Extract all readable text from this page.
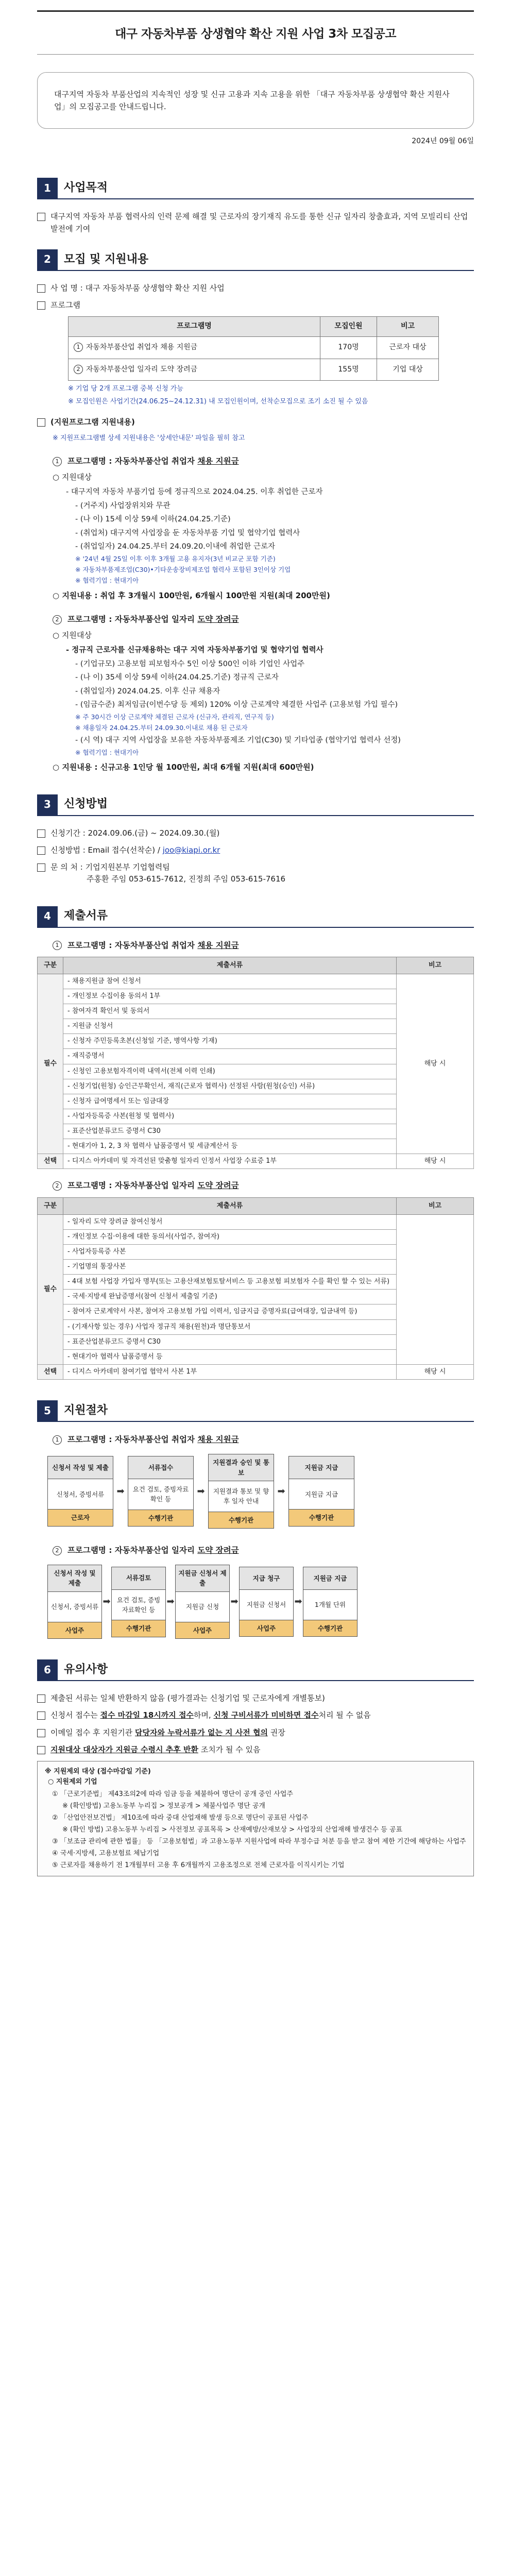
대구 자동차부품 상생협약 확산 지원 사업 3차 모집공고
대구지역 자동차 부품산업의 지속적인 성장 및 신규 고용과 지속 고용을 위한 「대구 자동차부품 상생협약 확산 지원사업」의 모집공고를 안내드립니다.
2024년 09월 06일
1	사업목적
대구지역 자동차 부품 협력사의 인력 문제 해결 및 근로자의 장기재직 유도를 통한 신규 일자리 창출효과, 지역 모빌리티 산업 발전에 기여
2	모집 및 지원내용
사 업 명 : 대구 자동차부품 상생협약 확산 지원 사업
프로그램
프로그램명	모집인원	비고
1 자동차부품산업 취업자 채용 지원금	170명	근로자 대상
2 자동차부품산업 일자리 도약 장려금	155명	기업 대상
※ 기업 당 2개 프로그램 중복 신청 가능
※ 모집인원은 사업기간(24.06.25~24.12.31) 내 모집인원이며, 선착순모집으로 조기 소진 될 수 있음
(지원프로그램 지원내용)
※ 지원프로그램별 상세 지원내용은 '상세안내문' 파일을 필히 참고
1 프로그램명 : 자동차부품산업 취업자 채용 지원금
○ 지원대상
- 대구지역 자동차 부품기업 등에 정규직으로 2024.04.25. 이후 취업한 근로자
- (거주지) 사업장위치와 무관
- (나 이) 15세 이상 59세 이하(24.04.25.기준)
- (취업처) 대구지역 사업장을 둔 자동차부품 기업 및 협약기업 협력사
- (취업일자) 24.04.25.부터 24.09.20.이내에 취업한 근로자
※ '24년 4월 25일 이후 이후 3개월 고용 유지자(3년 비교군 포함 기준)
※ 자동차부품제조업(C30)•기타운송장비제조업 협력사 포함된 3인이상 기업
※ 협력기업 : 현대기아
○ 지원내용 : 취업 후 3개월시 100만원, 6개월시 100만원 지원(최대 200만원)
2 프로그램명 : 자동차부품산업 일자리 도약 장려금
○ 지원대상
- 정규직 근로자를 신규채용하는 대구 지역 자동차부품기업 및 협약기업 협력사
- (기업규모) 고용보험 피보험자수 5인 이상 500인 이하 기업인 사업주
- (나 이) 35세 이상 59세 이하(24.04.25.기준) 정규직 근로자
- (취업일자) 2024.04.25. 이후 신규 채용자
- (임금수준) 최저임금(이번수당 등 제외) 120% 이상 근로계약 체결한 사업주 (고용보험 가입 필수)
※ 주 30시간 이상 근로계약 체결된 근로자 (신규자, 관리직, 연구직 등)
※ 채용일자 24.04.25.부터 24.09.30.이내로 채용 된 근로자
- (시 역) 대구 지역 사업장을 보유한 자동차부품제조 기업(C30) 및 기타업종 (협약기업 협력사 선정)
※ 협력기업 : 현대기아
○ 지원내용 : 신규고용 1인당 월 100만원, 최대 6개월 지원(최대 600만원)
3	신청방법
신청기간 : 2024.09.06.(금) ~ 2024.09.30.(월)
신청방법 : Email 접수(선착순) / joo@kiapi.or.kr
문 의 처 : 기업지원본부 기업협력팀
주홍환 주임 053-615-7612, 진정희 주임 053-615-7616
4	제출서류
1 프로그램명 : 자동차부품산업 취업자 채용 지원금
구분	제출서류	비고
필수	- 채용지원금 참여 신청서	해당 시
	- 개인정보 수집이용 동의서 1부	
	- 참여자격 확인서 및 동의서	
	- 지원금 신청서	
	- 신청자 주민등록초본(신청일 기준, 병역사항 기재)	
	- 재직증명서	
	- 신청인 고용보험자격이력 내역서(전체 이력 인쇄)	
	- 신청기업(원청) 승인근무확인서, 재직(근로자 협력사) 선정된 사람(원청(승인) 서류)	
	- 신청자 급여명세서 또는 임금대장	
	- 사업자등록증 사본(원청 및 협력사)	
	- 표준산업분류코드 증명서 C30	
	- 현대기아 1, 2, 3 차 협력사 납품증명서 및 세금계산서 등	
선택	- 디지스 아카데미 및 자격선된 맞춤형 일자리 인정서 사업장 수료증 1부	해당 시
2 프로그램명 : 자동차부품산업 일자리 도약 장려금
구분	제출서류	비고
필수	- 일자리 도약 장려금 참여신청서	
	- 개인정보 수집·이용에 대한 동의서(사업주, 참여자)	
	- 사업자등록증 사본	
	- 기업명의 통장사본	
	- 4대 보험 사업장 가입자 명부(또는 고용산재보험토탈서비스 등 고용보험 피보험자 수를 확인 할 수 있는 서류)	
	- 국세·지방세 완납증명서(참여 신청서 제출일 기준)	
	- 참여자 근로계약서 사본, 참여자 고용보험 가입 이력서, 임금지급 증명자료(급여대장, 입금내역 등)	
	- (기재사항 있는 경우) 사업자 정규직 채용(원천)과 명단통보서	
	- 표준산업분류코드 증명서 C30	
	- 현대기아 협력사 납품증명서 등	
선택	- 디지스 아카데미 참여기업 협약서 사본 1부	해당 시
5	지원절차
1 프로그램명 : 자동차부품산업 취업자 채용 지원금
신청서 작성 및 제출
신청서, 증빙서류
근로자
➡
서류접수
요건 검토, 증빙자료확인 등
수행기관
➡
지원결과 승인 및 통보
지원결과 통보 및 향후 일자 안내
수행기관
➡
지원금 지급
지원금 지급
수행기관
2 프로그램명 : 자동차부품산업 일자리 도약 장려금
신청서 작성 및 제출
신청서, 증빙서류
사업주
➡
서류검토
요건 검토, 증빙자료확인 등
수행기관
➡
지원금 신청서 제출
지원금 신청
사업주
➡
지급 청구
지원금 신청서
사업주
➡
지원금 지급
1개월 단위
수행기관
6	유의사항
제출된 서류는 일체 반환하지 않음 (평가결과는 신청기업 및 근로자에게 개별통보)
신청서 접수는 접수 마감일 18시까지 접수하며, 신청 구비서류가 미비하면 접수처리 될 수 없음
이메일 접수 후 지원기관 담당자와 누락서류가 없는 지 사전 협의 권장
지원대상 대상자가 지원금 수령시 추후 반환 조치가 될 수 있음
※ 지원제외 대상 (접수마감일 기준)
○ 지원제외 기업
① 「근로기준법」 제43조의2에 따라 임금 등을 체불하여 명단이 공개 중인 사업주
※ (확인방법) 고용노동부 누리집 > 정보공개 > 체불사업주 명단 공개
② 「산업안전보건법」 제10조에 따라 중대 산업재해 발생 등으로 명단이 공표된 사업주
※ (확인 방법) 고용노동부 누리집 > 사전정보 공표목록 > 산재예방/산재보상 > 사업장의 산업재해 발생건수 등 공표
③ 「보조금 관리에 관한 법률」 등 「고용보험법」과 고용노동부 지원사업에 따라 부정수급 처분 등을 받고 참여 제한 기간에 해당하는 사업주
④ 국세·지방세, 고용보험료 체납기업
⑤ 근로자를 채용하기 전 1개월부터 고용 후 6개월까지 고용조정으로 전체 근로자를 이직시키는 기업
